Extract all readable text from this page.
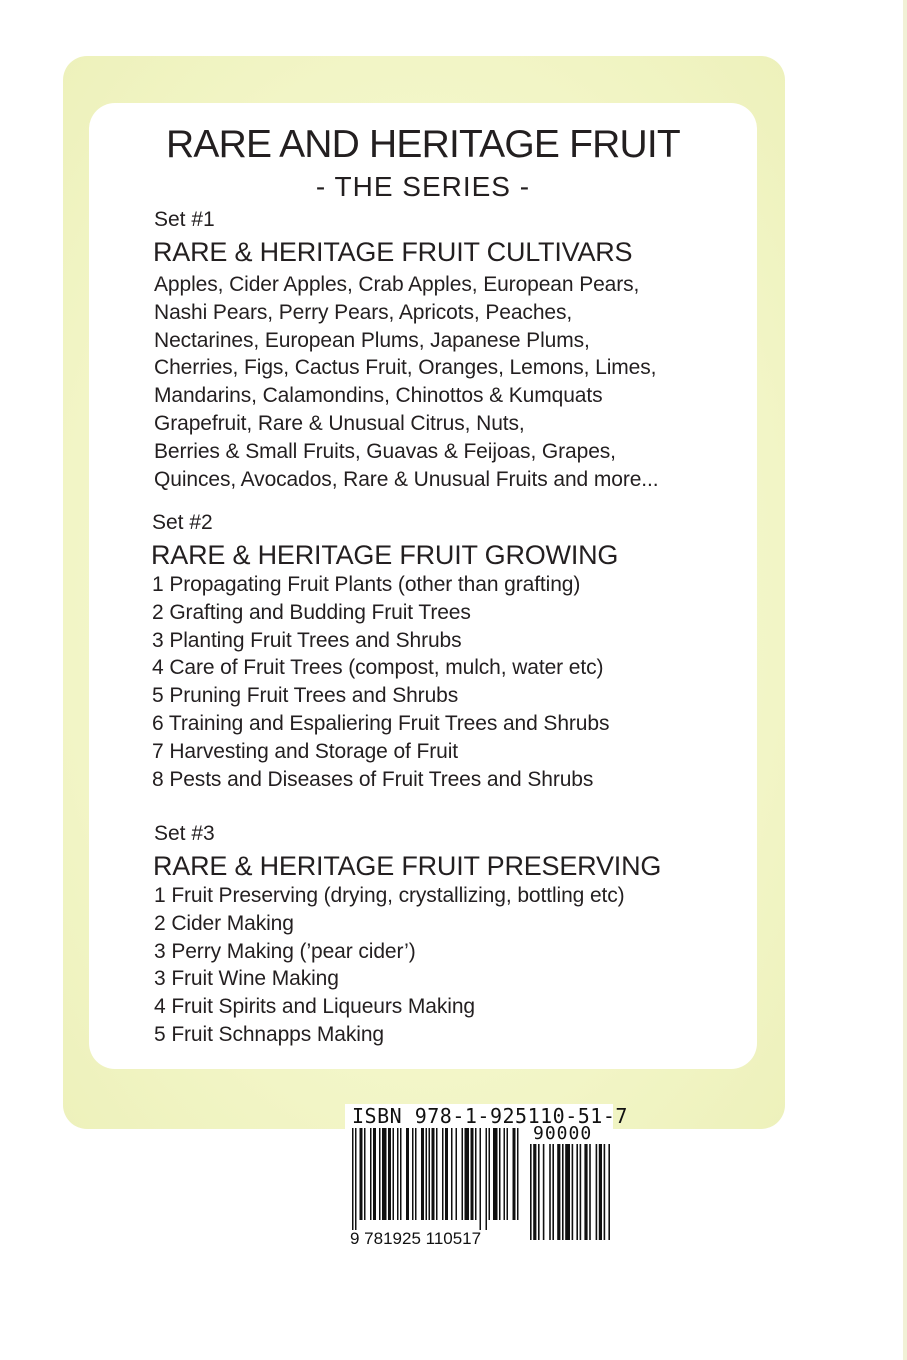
RARE AND HERITAGE FRUIT
- THE SERIES -
Set #1
RARE & HERITAGE FRUIT CULTIVARS
Apples, Cider Apples, Crab Apples, European Pears,
Nashi Pears, Perry Pears, Apricots, Peaches,
Nectarines, European Plums, Japanese Plums,
Cherries, Figs, Cactus Fruit, Oranges, Lemons, Limes,
Mandarins, Calamondins, Chinottos & Kumquats
Grapefruit, Rare & Unusual Citrus, Nuts,
Berries & Small Fruits, Guavas & Feijoas, Grapes,
Quinces, Avocados, Rare & Unusual Fruits and more...
Set #2
RARE & HERITAGE FRUIT GROWING
1 Propagating Fruit Plants (other than grafting)
2 Grafting and Budding Fruit Trees
3 Planting Fruit Trees and Shrubs
4 Care of Fruit Trees (compost, mulch, water etc)
5 Pruning Fruit Trees and Shrubs
6 Training and Espaliering Fruit Trees and Shrubs
7 Harvesting and Storage of Fruit
8 Pests and Diseases of Fruit Trees and Shrubs
Set #3
RARE & HERITAGE FRUIT PRESERVING
1 Fruit Preserving (drying, crystallizing, bottling etc)
2 Cider Making
3 Perry Making (’pear cider’)
3 Fruit Wine Making
4 Fruit Spirits and Liqueurs Making
5 Fruit Schnapps Making
ISBN 978-1-925110-51-7
90000
9 781925 110517
